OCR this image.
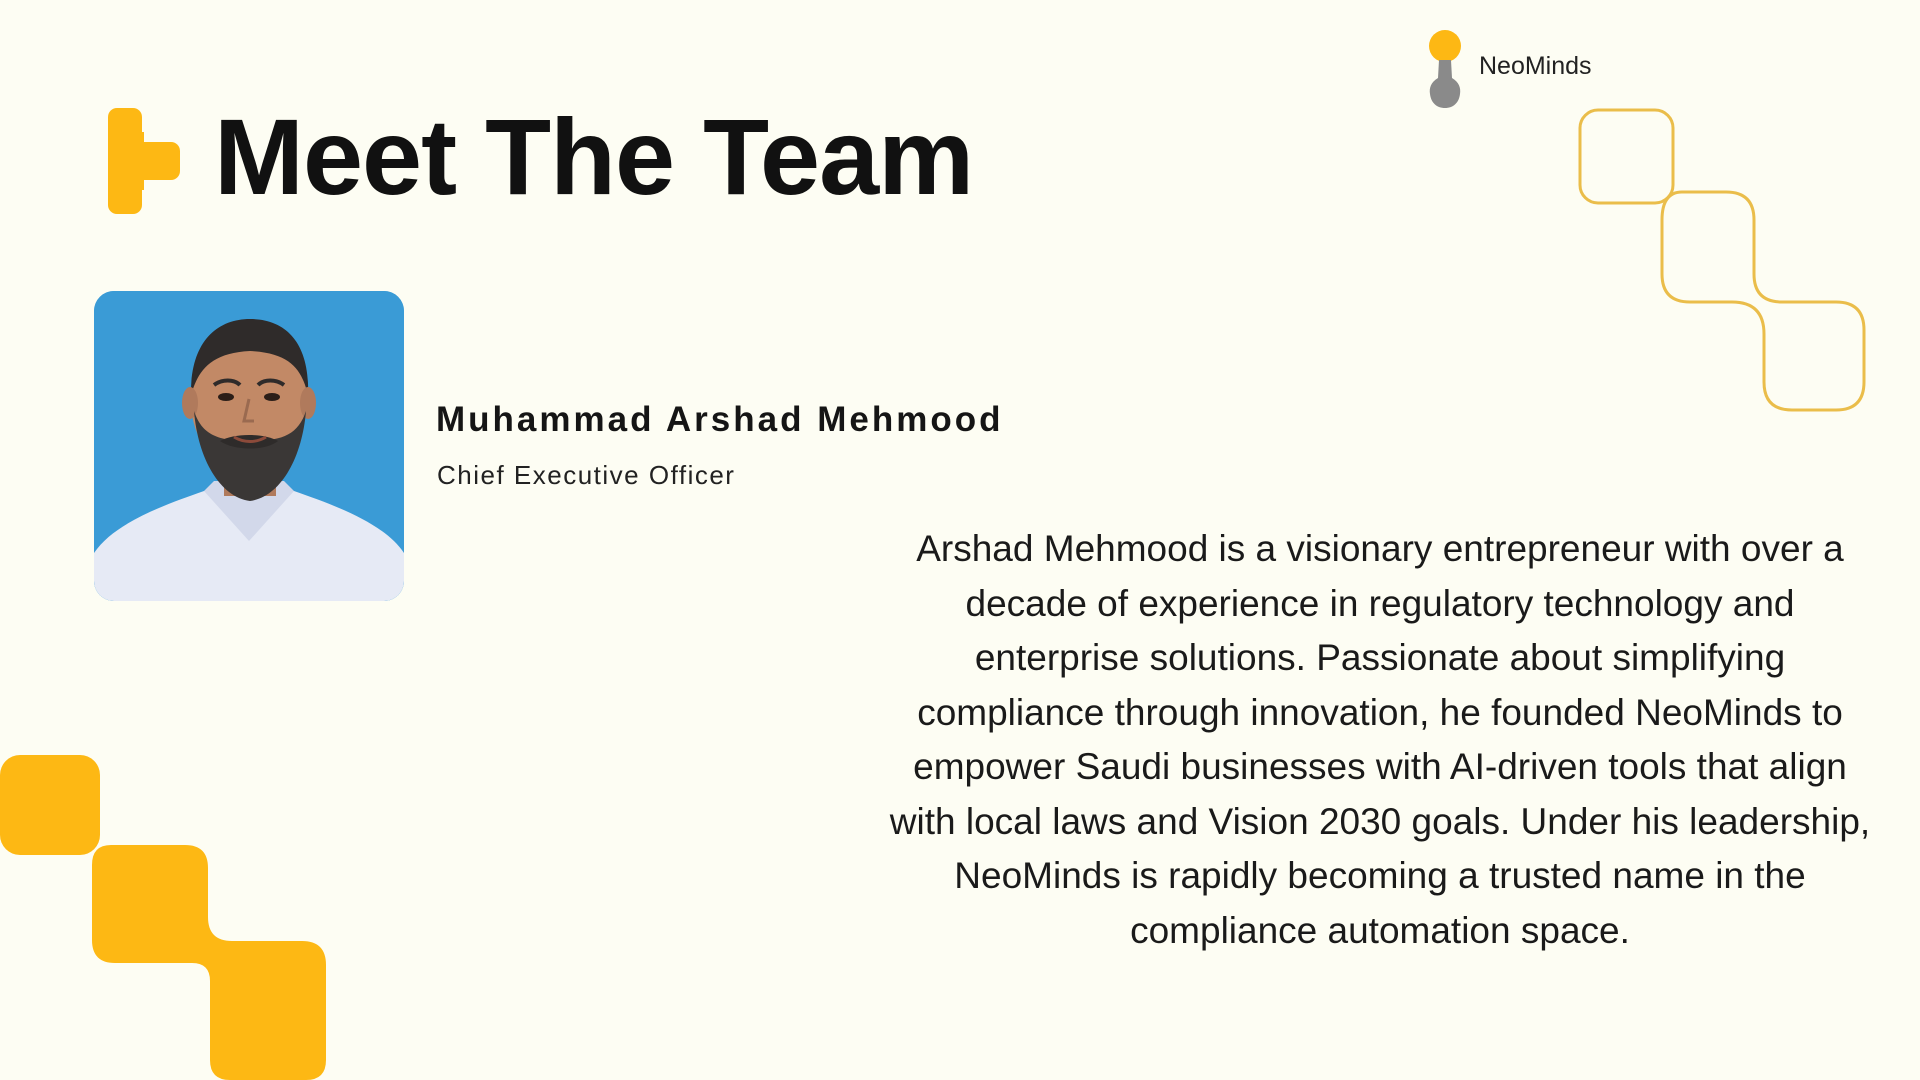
NeoMinds
Meet The Team
Muhammad Arshad Mehmood

Chief Executive Officer

Arshad Mehmood is a visionary entrepreneur with over a decade of experience in regulatory technology and enterprise solutions. Passionate about simplifying compliance through innovation, he founded NeoMinds to empower Saudi businesses with AI-driven tools that align with local laws and Vision 2030 goals. Under his leadership, NeoMinds is rapidly becoming a trusted name in the compliance automation space.
